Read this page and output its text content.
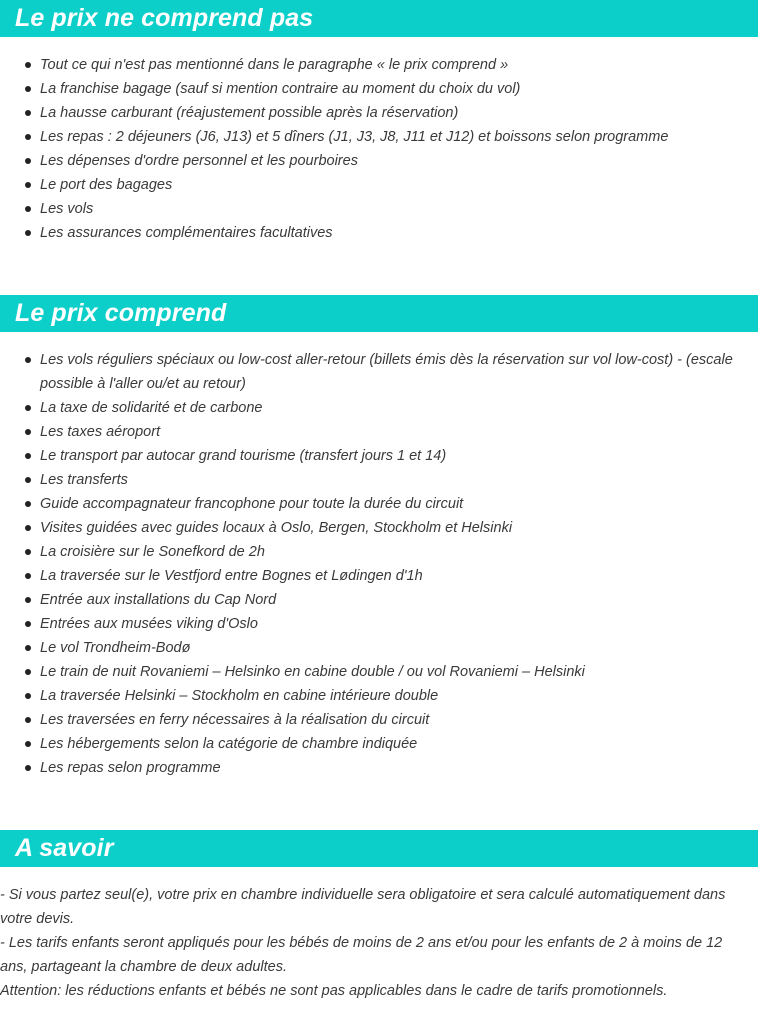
Le prix ne comprend pas
Tout ce qui n'est pas mentionné dans le paragraphe « le prix comprend »
La franchise bagage (sauf si mention contraire au moment du choix du vol)
La hausse carburant (réajustement possible après la réservation)
Les repas : 2 déjeuners (J6, J13) et 5 dîners (J1, J3, J8, J11 et J12) et boissons selon programme
Les dépenses d'ordre personnel et les pourboires
Le port des bagages
Les vols
Les assurances complémentaires facultatives
Le prix comprend
Les vols réguliers spéciaux ou low-cost aller-retour (billets émis dès la réservation sur vol low-cost) - (escale possible à l'aller ou/et au retour)
La taxe de solidarité et de carbone
Les taxes aéroport
Le transport par autocar grand tourisme (transfert jours 1 et 14)
Les transferts
Guide accompagnateur francophone pour toute la durée du circuit
Visites guidées avec guides locaux à Oslo, Bergen, Stockholm et Helsinki
La croisière sur le Sonefkord de 2h
La traversée sur le Vestfjord entre Bognes et Lødingen d'1h
Entrée aux installations du Cap Nord
Entrées aux musées viking d'Oslo
Le vol Trondheim-Bodø
Le train de nuit Rovaniemi – Helsinko en cabine double / ou vol Rovaniemi – Helsinki
La traversée Helsinki – Stockholm en cabine intérieure double
Les traversées en ferry nécessaires à la réalisation du circuit
Les hébergements selon la catégorie de chambre indiquée
Les repas selon programme
A savoir

- Si vous partez seul(e), votre prix en chambre individuelle sera obligatoire et sera calculé automatiquement dans votre devis.

- Les tarifs enfants seront appliqués pour les bébés de moins de 2 ans et/ou pour les enfants de 2 à moins de 12 ans, partageant la chambre de deux adultes.

Attention: les réductions enfants et bébés ne sont pas applicables dans le cadre de tarifs promotionnels.
